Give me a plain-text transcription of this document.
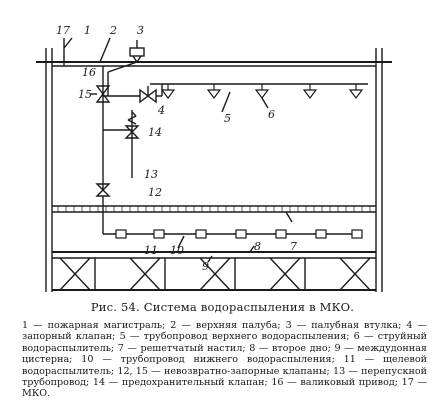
17 1 2 3
16
15
4
5	6
14
13
12
11 10
9
8	7
Рис. 54. Система водораспыления в МКО.
1 — пожарная магистраль; 2 — верхняя палуба; 3 — палубная втулка; 4 — запорный клапан; 5 — трубопровод верхнего водораспыления; 6 — струйный водораспылитель; 7 — решетчатый настил; 8 — второе дно; 9 — междудонная цистерна; 10 — трубопровод нижнего водораспыления; 11 — щелевой водораспылитель; 12, 15 — невозвратно-запорные клапаны; 13 — перепускной трубопровод; 14 — предохранительный клапан; 16 — валиковый привод; 17 — МКО.
